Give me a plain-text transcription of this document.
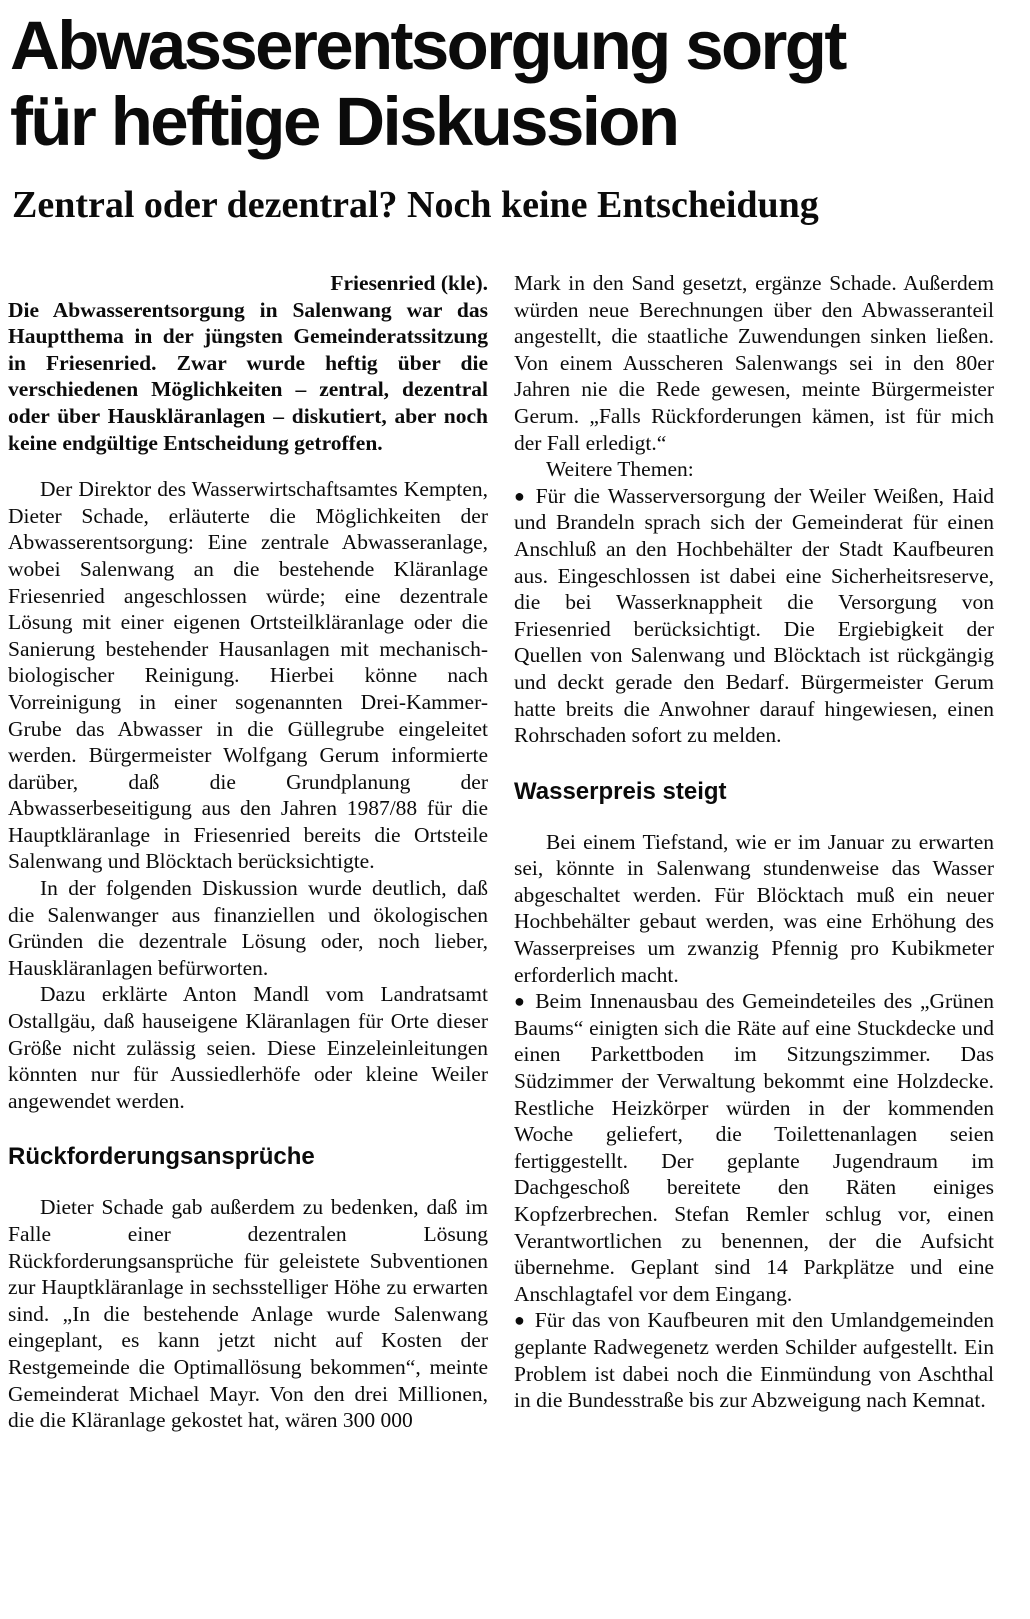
Abwasserentsorgung sorgt
für heftige Diskussion
Zentral oder dezentral? Noch keine Entscheidung

Friesenried (kle).

Die Abwasserentsorgung in Salenwang war das Hauptthema in der jüngsten Gemeinderatssitzung in Friesenried. Zwar wurde heftig über die verschiedenen Möglichkeiten – zentral, dezentral oder über Hauskläranlagen – diskutiert, aber noch keine endgültige Entscheidung getroffen.

Der Direktor des Wasserwirtschaftsamtes Kempten, Dieter Schade, erläuterte die Möglichkeiten der Abwasserentsorgung: Eine zentrale Abwasseranlage, wobei Salenwang an die bestehende Kläranlage Friesenried angeschlossen würde; eine dezentrale Lösung mit einer eigenen Ortsteilkläranlage oder die Sanierung bestehender Hausanlagen mit mechanisch-biologischer Reinigung. Hierbei könne nach Vorreinigung in einer sogenannten Drei-Kammer-Grube das Abwasser in die Güllegrube eingeleitet werden. Bürgermeister Wolfgang Gerum informierte darüber, daß die Grundplanung der Abwasserbeseitigung aus den Jahren 1987/88 für die Hauptkläranlage in Friesenried bereits die Ortsteile Salenwang und Blöcktach berücksichtigte.

In der folgenden Diskussion wurde deutlich, daß die Salenwanger aus finanziellen und ökologischen Gründen die dezentrale Lösung oder, noch lieber, Hauskläranlagen befürworten.

Dazu erklärte Anton Mandl vom Landratsamt Ostallgäu, daß hauseigene Kläranlagen für Orte dieser Größe nicht zulässig seien. Diese Einzeleinleitungen könnten nur für Aussiedlerhöfe oder kleine Weiler angewendet werden.

Rückforderungsansprüche

Dieter Schade gab außerdem zu bedenken, daß im Falle einer dezentralen Lösung Rückforderungsansprüche für geleistete Subventionen zur Hauptkläranlage in sechsstelliger Höhe zu erwarten sind. „In die bestehende Anlage wurde Salenwang eingeplant, es kann jetzt nicht auf Kosten der Restgemeinde die Optimallösung bekommen“, meinte Gemeinderat Michael Mayr. Von den drei Millionen, die die Kläranlage gekostet hat, wären 300 000

Mark in den Sand gesetzt, ergänze Schade. Außerdem würden neue Berechnungen über den Abwasseranteil angestellt, die staatliche Zuwendungen sinken ließen. Von einem Ausscheren Salenwangs sei in den 80er Jahren nie die Rede gewesen, meinte Bürgermeister Gerum. „Falls Rückforderungen kämen, ist für mich der Fall erledigt.“

Weitere Themen:

● Für die Wasserversorgung der Weiler Weißen, Haid und Brandeln sprach sich der Gemeinderat für einen Anschluß an den Hochbehälter der Stadt Kaufbeuren aus. Eingeschlossen ist dabei eine Sicherheitsreserve, die bei Wasserknappheit die Versorgung von Friesenried berücksichtigt. Die Ergiebigkeit der Quellen von Salenwang und Blöcktach ist rückgängig und deckt gerade den Bedarf. Bürgermeister Gerum hatte breits die Anwohner darauf hingewiesen, einen Rohrschaden sofort zu melden.

Wasserpreis steigt

Bei einem Tiefstand, wie er im Januar zu erwarten sei, könnte in Salenwang stundenweise das Wasser abgeschaltet werden. Für Blöcktach muß ein neuer Hochbehälter gebaut werden, was eine Erhöhung des Wasserpreises um zwanzig Pfennig pro Kubikmeter erforderlich macht.

● Beim Innenausbau des Gemeindeteiles des „Grünen Baums“ einigten sich die Räte auf eine Stuckdecke und einen Parkettboden im Sitzungszimmer. Das Südzimmer der Verwaltung bekommt eine Holzdecke. Restliche Heizkörper würden in der kommenden Woche geliefert, die Toilettenanlagen seien fertiggestellt. Der geplante Jugendraum im Dachgeschoß bereitete den Räten einiges Kopfzerbrechen. Stefan Remler schlug vor, einen Verantwortlichen zu benennen, der die Aufsicht übernehme. Geplant sind 14 Parkplätze und eine Anschlagtafel vor dem Eingang.

● Für das von Kaufbeuren mit den Umlandgemeinden geplante Radwegenetz werden Schilder aufgestellt. Ein Problem ist dabei noch die Einmündung von Aschthal in die Bundesstraße bis zur Abzweigung nach Kemnat.
